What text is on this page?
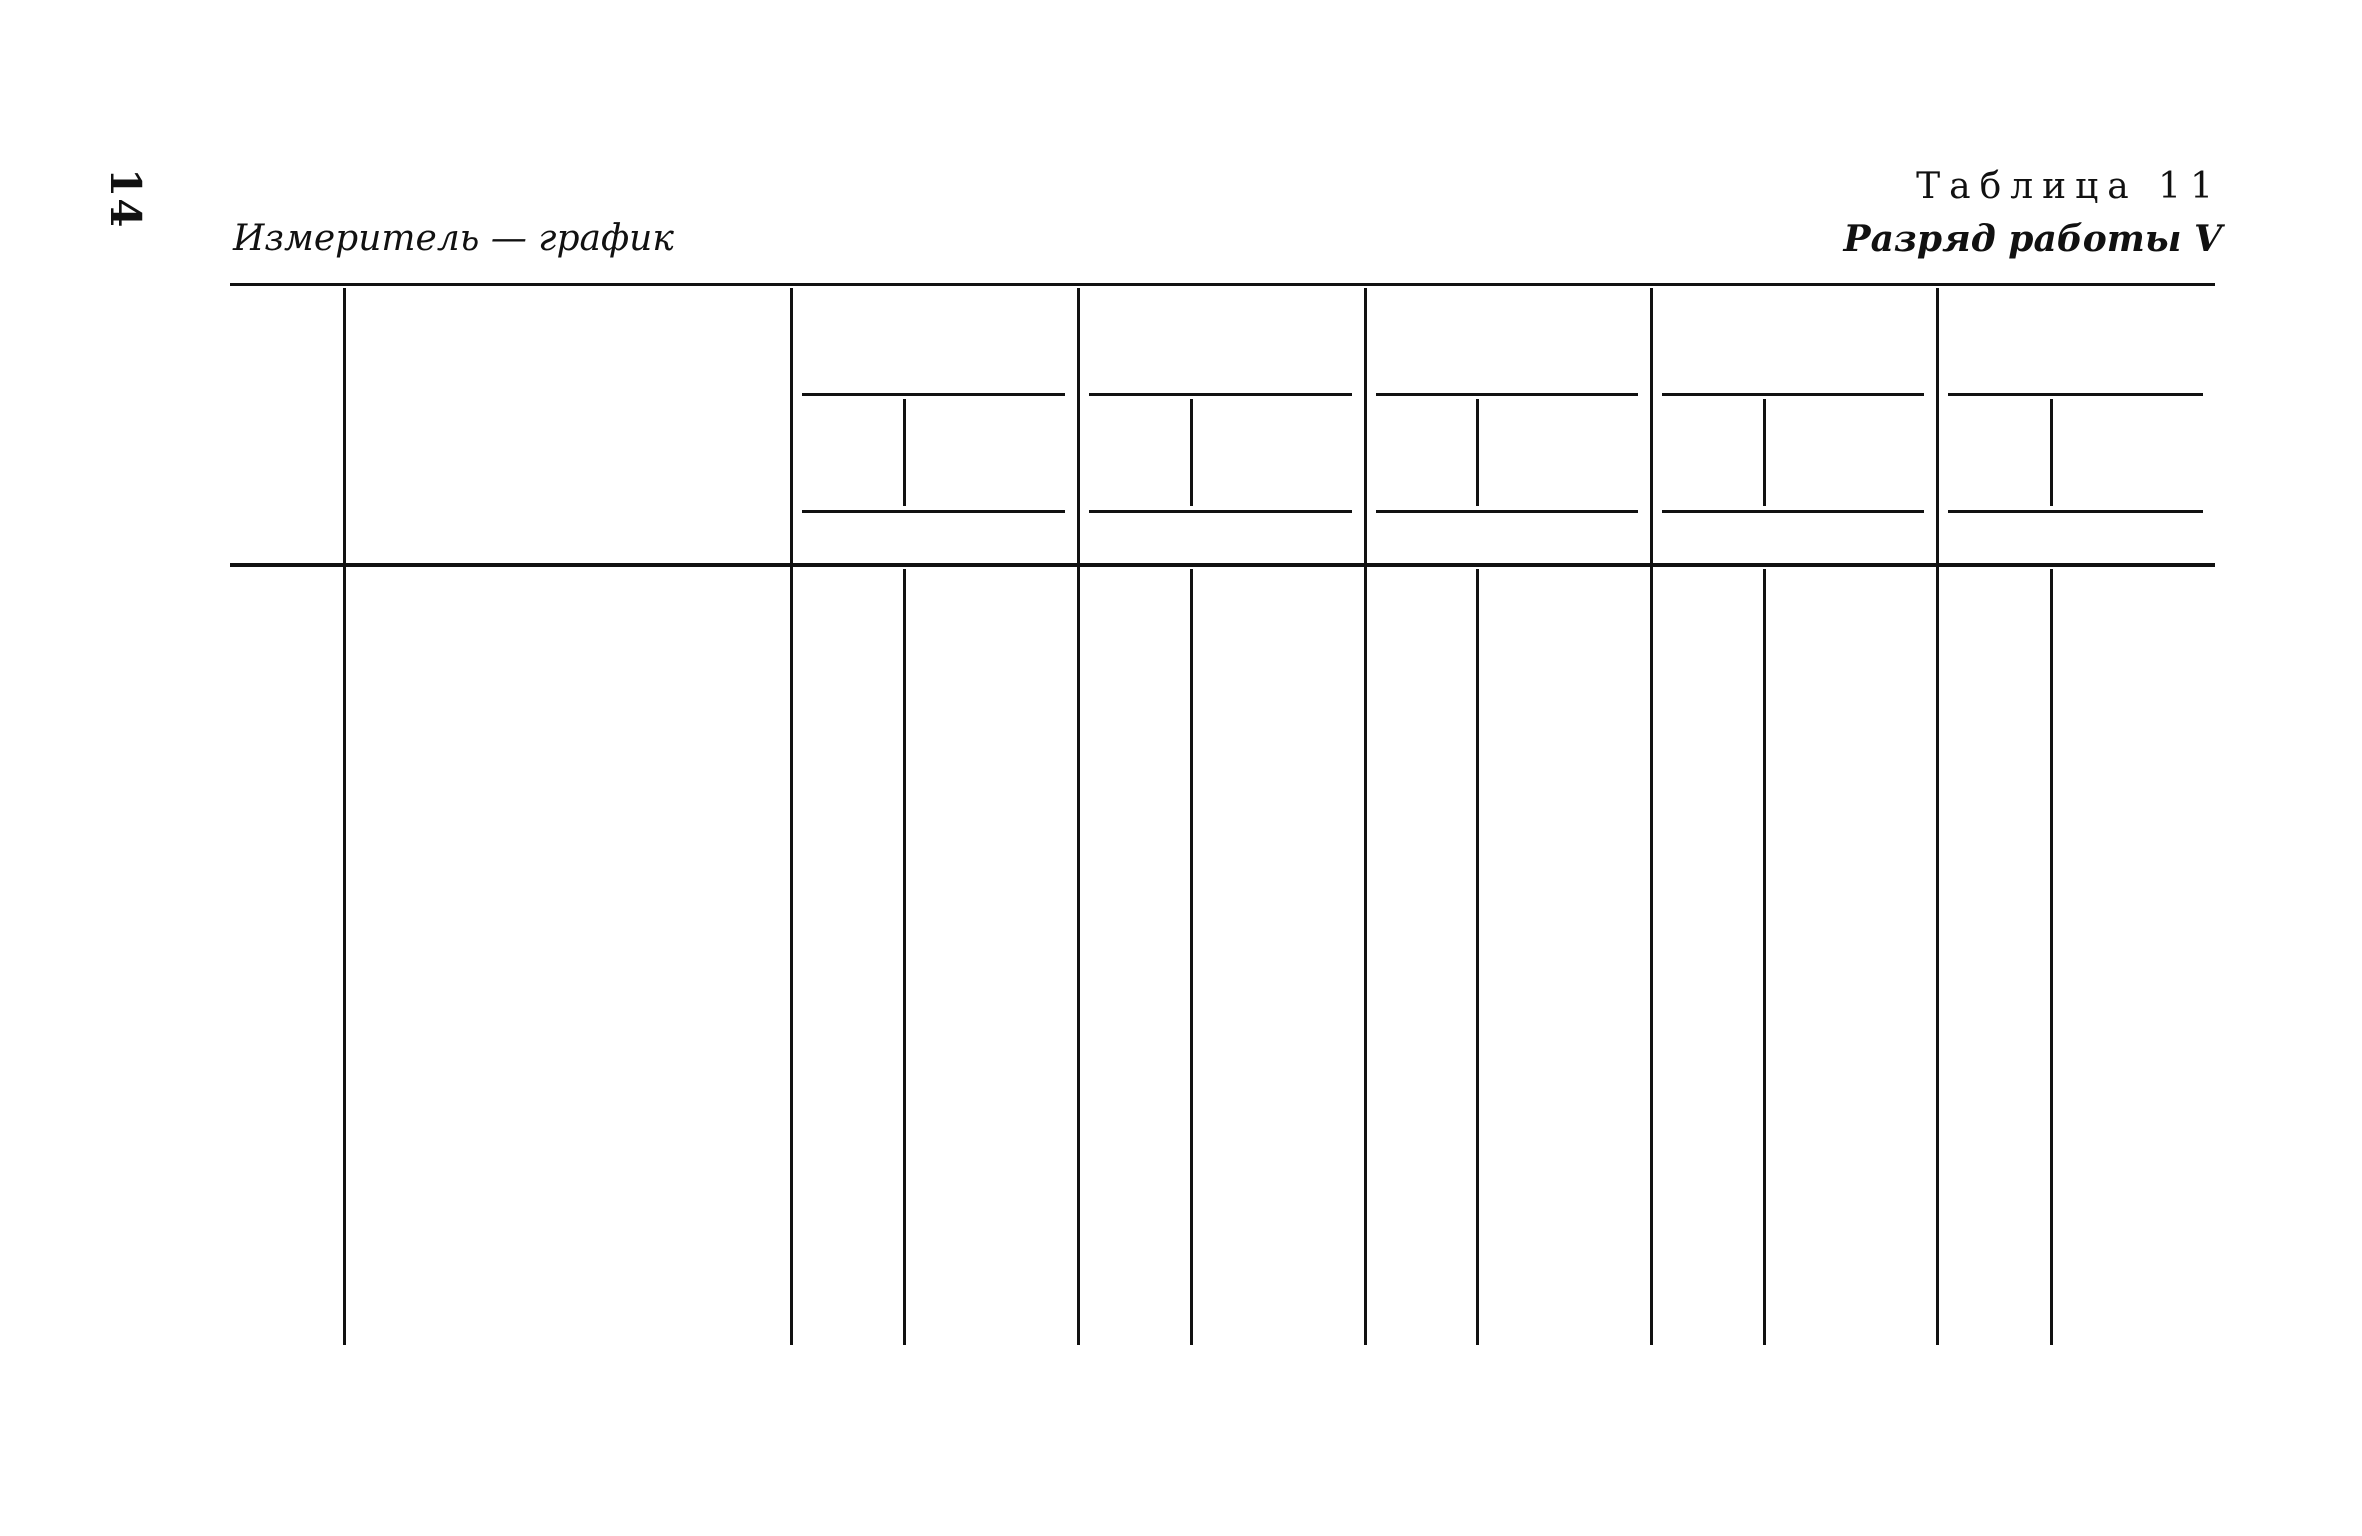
14	Таблица 11
Измеритель — график	Разряд работы V
